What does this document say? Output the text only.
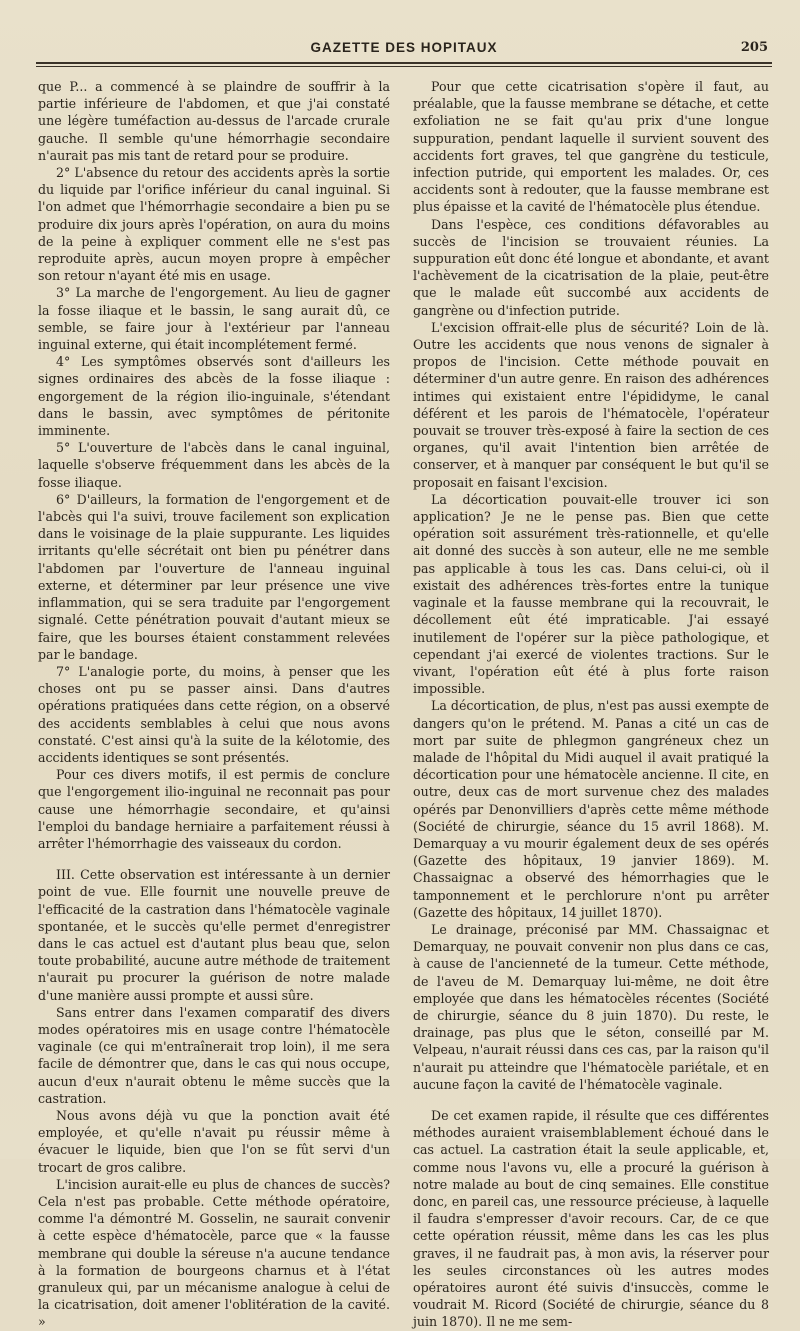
GAZETTE DES HOPITAUX	205

que P... a commencé à se plaindre de souffrir à la partie inférieure de l'abdomen, et que j'ai constaté une légère tuméfaction au-dessus de l'arcade crurale gauche. Il semble qu'une hémorrhagie secondaire n'aurait pas mis tant de retard pour se produire.

2° L'absence du retour des accidents après la sortie du liquide par l'orifice inférieur du canal inguinal. Si l'on admet que l'hémorrhagie secondaire a bien pu se produire dix jours après l'opération, on aura du moins de la peine à expliquer comment elle ne s'est pas reproduite après, aucun moyen propre à empêcher son retour n'ayant été mis en usage.

3° La marche de l'engorgement. Au lieu de gagner la fosse iliaque et le bassin, le sang aurait dû, ce semble, se faire jour à l'extérieur par l'anneau inguinal externe, qui était incomplétement fermé.

4° Les symptômes observés sont d'ailleurs les signes ordinaires des abcès de la fosse iliaque : engorgement de la région ilio-inguinale, s'étendant dans le bassin, avec symptômes de péritonite imminente.

5° L'ouverture de l'abcès dans le canal inguinal, laquelle s'observe fréquemment dans les abcès de la fosse iliaque.

6° D'ailleurs, la formation de l'engorgement et de l'abcès qui l'a suivi, trouve facilement son explication dans le voisinage de la plaie suppurante. Les liquides irritants qu'elle sécrétait ont bien pu pénétrer dans l'abdomen par l'ouverture de l'anneau inguinal externe, et déterminer par leur présence une vive inflammation, qui se sera traduite par l'engorgement signalé. Cette pénétration pouvait d'autant mieux se faire, que les bourses étaient constamment relevées par le bandage.

7° L'analogie porte, du moins, à penser que les choses ont pu se passer ainsi. Dans d'autres opérations pratiquées dans cette région, on a observé des accidents semblables à celui que nous avons constaté. C'est ainsi qu'à la suite de la kélotomie, des accidents identiques se sont présentés.

Pour ces divers motifs, il est permis de conclure que l'engorgement ilio-inguinal ne reconnait pas pour cause une hémorrhagie secondaire, et qu'ainsi l'emploi du bandage herniaire a parfaitement réussi à arrêter l'hémorrhagie des vaisseaux du cordon.

III. Cette observation est intéressante à un dernier point de vue. Elle fournit une nouvelle preuve de l'efficacité de la castration dans l'hématocèle vaginale spontanée, et le succès qu'elle permet d'enregistrer dans le cas actuel est d'autant plus beau que, selon toute probabilité, aucune autre méthode de traitement n'aurait pu procurer la guérison de notre malade d'une manière aussi prompte et aussi sûre.

Sans entrer dans l'examen comparatif des divers modes opératoires mis en usage contre l'hématocèle vaginale (ce qui m'entraînerait trop loin), il me sera facile de démontrer que, dans le cas qui nous occupe, aucun d'eux n'aurait obtenu le même succès que la castration.

Nous avons déjà vu que la ponction avait été employée, et qu'elle n'avait pu réussir même à évacuer le liquide, bien que l'on se fût servi d'un trocart de gros calibre.

L'incision aurait-elle eu plus de chances de succès? Cela n'est pas probable. Cette méthode opératoire, comme l'a démontré M. Gosselin, ne saurait convenir à cette espèce d'hématocèle, parce que « la fausse membrane qui double la séreuse n'a aucune tendance à la formation de bourgeons charnus et à l'état granuleux qui, par un mécanisme analogue à celui de la cicatrisation, doit amener l'oblitération de la cavité. »

Pour que cette cicatrisation s'opère il faut, au préalable, que la fausse membrane se détache, et cette exfoliation ne se fait qu'au prix d'une longue suppuration, pendant laquelle il survient souvent des accidents fort graves, tel que gangrène du testicule, infection putride, qui emportent les malades. Or, ces accidents sont à redouter, que la fausse membrane est plus épaisse et la cavité de l'hématocèle plus étendue.

Dans l'espèce, ces conditions défavorables au succès de l'incision se trouvaient réunies. La suppuration eût donc été longue et abondante, et avant l'achèvement de la cicatrisation de la plaie, peut-être que le malade eût succombé aux accidents de gangrène ou d'infection putride.

L'excision offrait-elle plus de sécurité? Loin de là. Outre les accidents que nous venons de signaler à propos de l'incision. Cette méthode pouvait en déterminer d'un autre genre. En raison des adhérences intimes qui existaient entre l'épididyme, le canal déférent et les parois de l'hématocèle, l'opérateur pouvait se trouver très-exposé à faire la section de ces organes, qu'il avait l'intention bien arrêtée de conserver, et à manquer par conséquent le but qu'il se proposait en faisant l'excision.

La décortication pouvait-elle trouver ici son application? Je ne le pense pas. Bien que cette opération soit assurément très-rationnelle, et qu'elle ait donné des succès à son auteur, elle ne me semble pas applicable à tous les cas. Dans celui-ci, où il existait des adhérences très-fortes entre la tunique vaginale et la fausse membrane qui la recouvrait, le décollement eût été impraticable. J'ai essayé inutilement de l'opérer sur la pièce pathologique, et cependant j'ai exercé de violentes tractions. Sur le vivant, l'opération eût été à plus forte raison impossible.

La décortication, de plus, n'est pas aussi exempte de dangers qu'on le prétend. M. Panas a cité un cas de mort par suite de phlegmon gangréneux chez un malade de l'hôpital du Midi auquel il avait pratiqué la décortication pour une hématocèle ancienne. Il cite, en outre, deux cas de mort survenue chez des malades opérés par Denonvilliers d'après cette même méthode (Société de chirurgie, séance du 15 avril 1868). M. Demarquay a vu mourir également deux de ses opérés (Gazette des hôpitaux, 19 janvier 1869). M. Chassaignac a observé des hémorrhagies que le tamponnement et le perchlorure n'ont pu arrêter (Gazette des hôpitaux, 14 juillet 1870).

Le drainage, préconisé par MM. Chassaignac et Demarquay, ne pouvait convenir non plus dans ce cas, à cause de l'ancienneté de la tumeur. Cette méthode, de l'aveu de M. Demarquay lui-même, ne doit être employée que dans les hématocèles récentes (Société de chirurgie, séance du 8 juin 1870). Du reste, le drainage, pas plus que le séton, conseillé par M. Velpeau, n'aurait réussi dans ces cas, par la raison qu'il n'aurait pu atteindre que l'hématocèle pariétale, et en aucune façon la cavité de l'hématocèle vaginale.

De cet examen rapide, il résulte que ces différentes méthodes auraient vraisemblablement échoué dans le cas actuel. La castration était la seule applicable, et, comme nous l'avons vu, elle a procuré la guérison à notre malade au bout de cinq semaines. Elle constitue donc, en pareil cas, une ressource précieuse, à laquelle il faudra s'empresser d'avoir recours. Car, de ce que cette opération réussit, même dans les cas les plus graves, il ne faudrait pas, à mon avis, la réserver pour les seules circonstances où les autres modes opératoires auront été suivis d'insuccès, comme le voudrait M. Ricord (Société de chirurgie, séance du 8 juin 1870). Il ne me sem-
